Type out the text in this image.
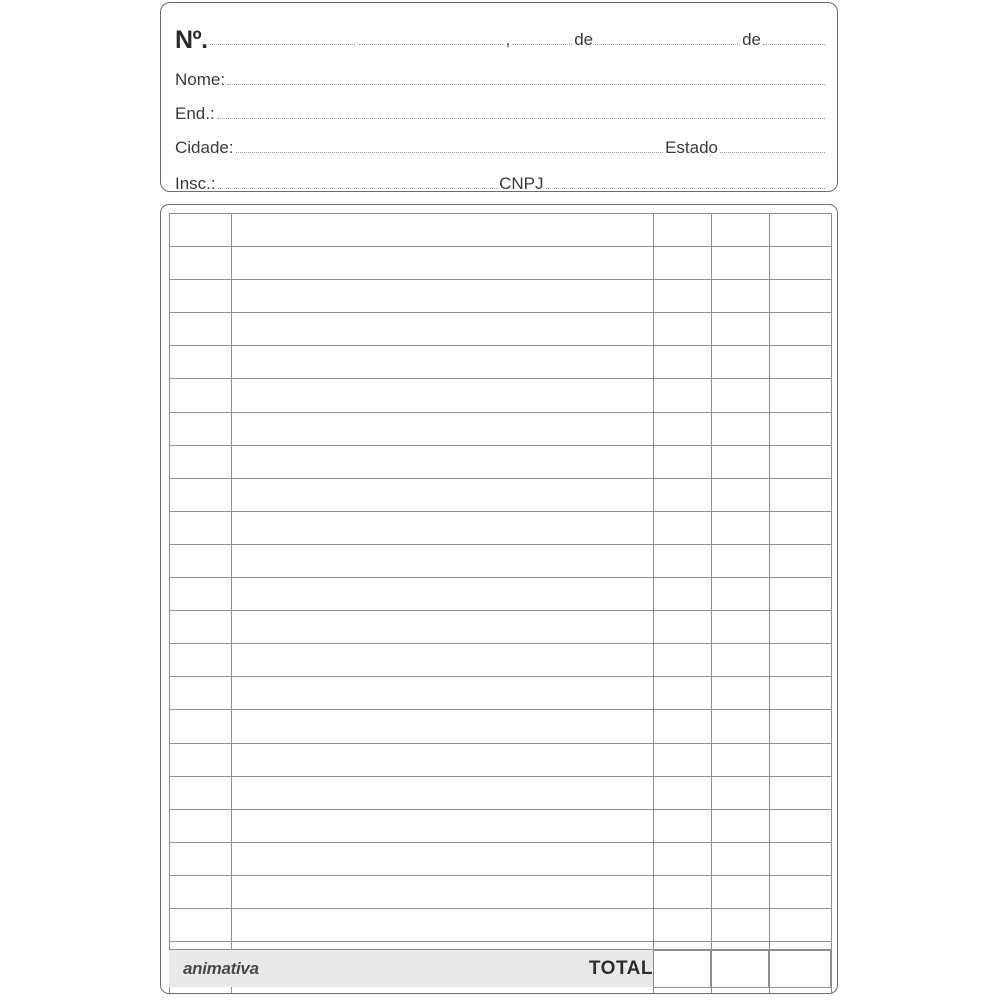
Nº.	,	de	de
Nome:
End.:
Cidade:	Estado
Insc.:	CNPJ

animativa	TOTAL
